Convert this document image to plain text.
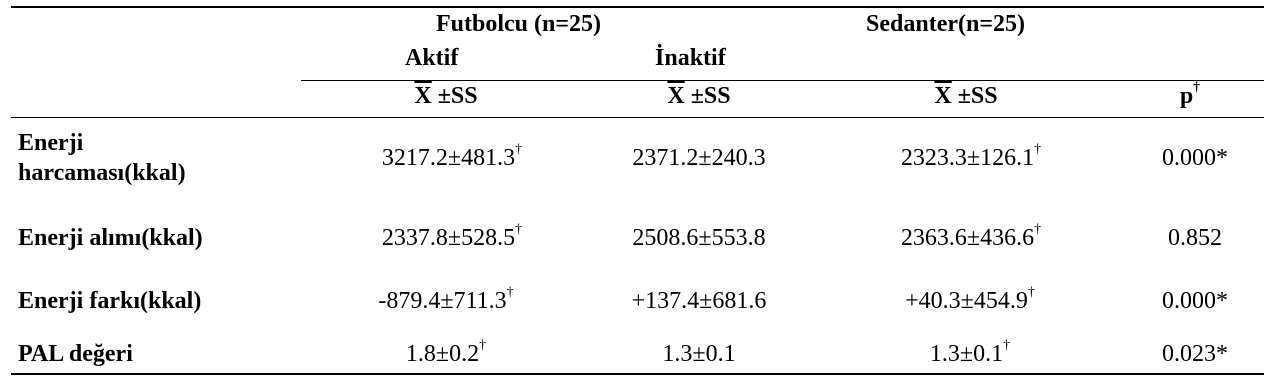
Futbolcu (n=25)	Sedanter(n=25)
Aktif	İnaktif
$\overline{X} \pm SS$	$\overline{X} \pm SS$	$\overline{X} \pm SS$	p†
Enerji
harcaması(kkal)
3217.2±481.3†	2371.2±240.3	2323.3±126.1†	0.000*
Enerji alımı(kkal)	2337.8±528.5†	2508.6±553.8	2363.6±436.6†	0.852
Enerji farkı(kkal)	-879.4±711.3†	+137.4±681.6	+40.3±454.9†	0.000*
PAL değeri	1.8±0.2†	1.3±0.1	1.3±0.1†	0.023*
